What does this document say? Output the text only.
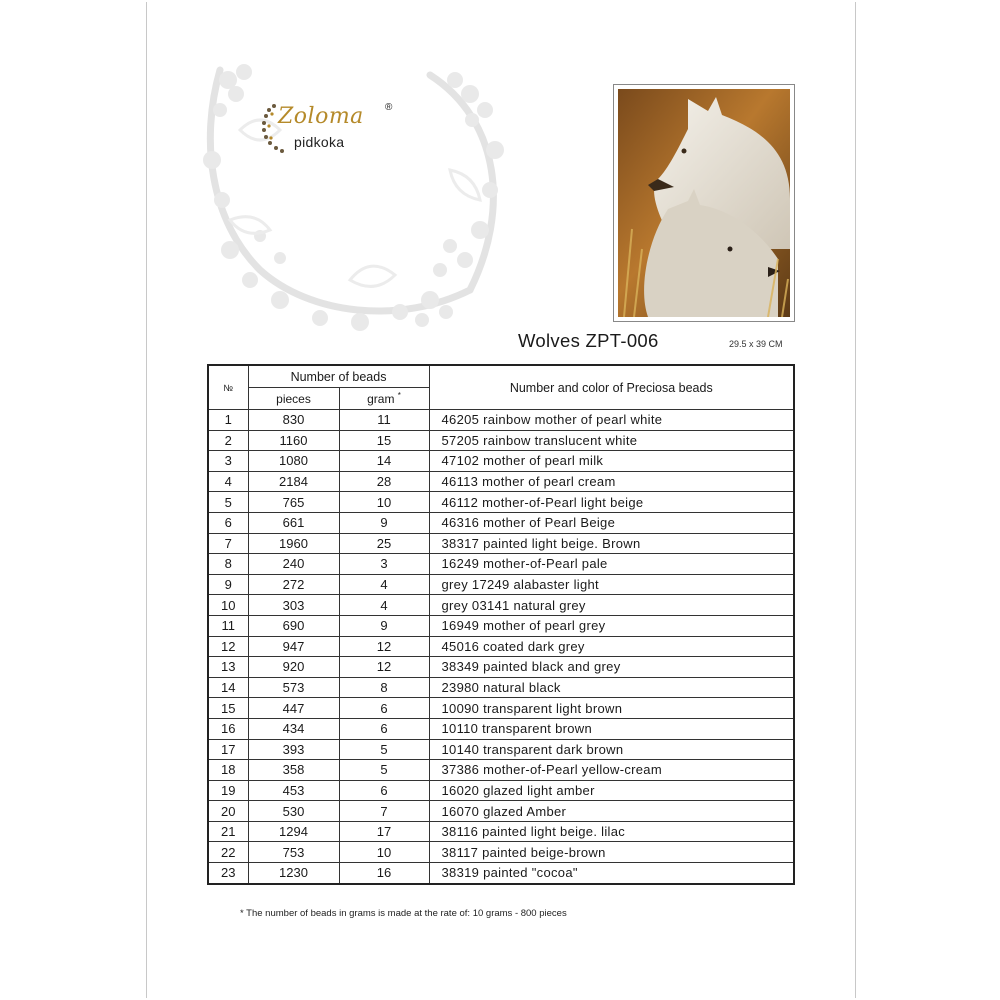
Zoloma ®
pidkoka
Wolves ZPT-006	29.5 x 39 CM
№	Number of beads		Number and color of Preciosa beads
	pieces	gram *
1	830	11	46205 rainbow mother of pearl white
2	1160	15	57205 rainbow translucent white
3	1080	14	47102 mother of pearl milk
4	2184	28	46113 mother of pearl cream
5	765	10	46112 mother-of-Pearl light beige
6	661	9	46316 mother of Pearl Beige
7	1960	25	38317 painted light beige. Brown
8	240	3	16249 mother-of-Pearl pale
9	272	4	grey 17249 alabaster light
10	303	4	grey 03141 natural grey
11	690	9	16949 mother of pearl grey
12	947	12	45016 coated dark grey
13	920	12	38349 painted black and grey
14	573	8	23980 natural black
15	447	6	10090 transparent light brown
16	434	6	10110 transparent brown
17	393	5	10140 transparent dark brown
18	358	5	37386 mother-of-Pearl yellow-cream
19	453	6	16020 glazed light amber
20	530	7	16070 glazed Amber
21	1294	17	38116 painted light beige. lilac
22	753	10	38117 painted beige-brown
23	1230	16	38319 painted "cocoa"
* The number of beads in grams is made at the rate of: 10 grams - 800 pieces
